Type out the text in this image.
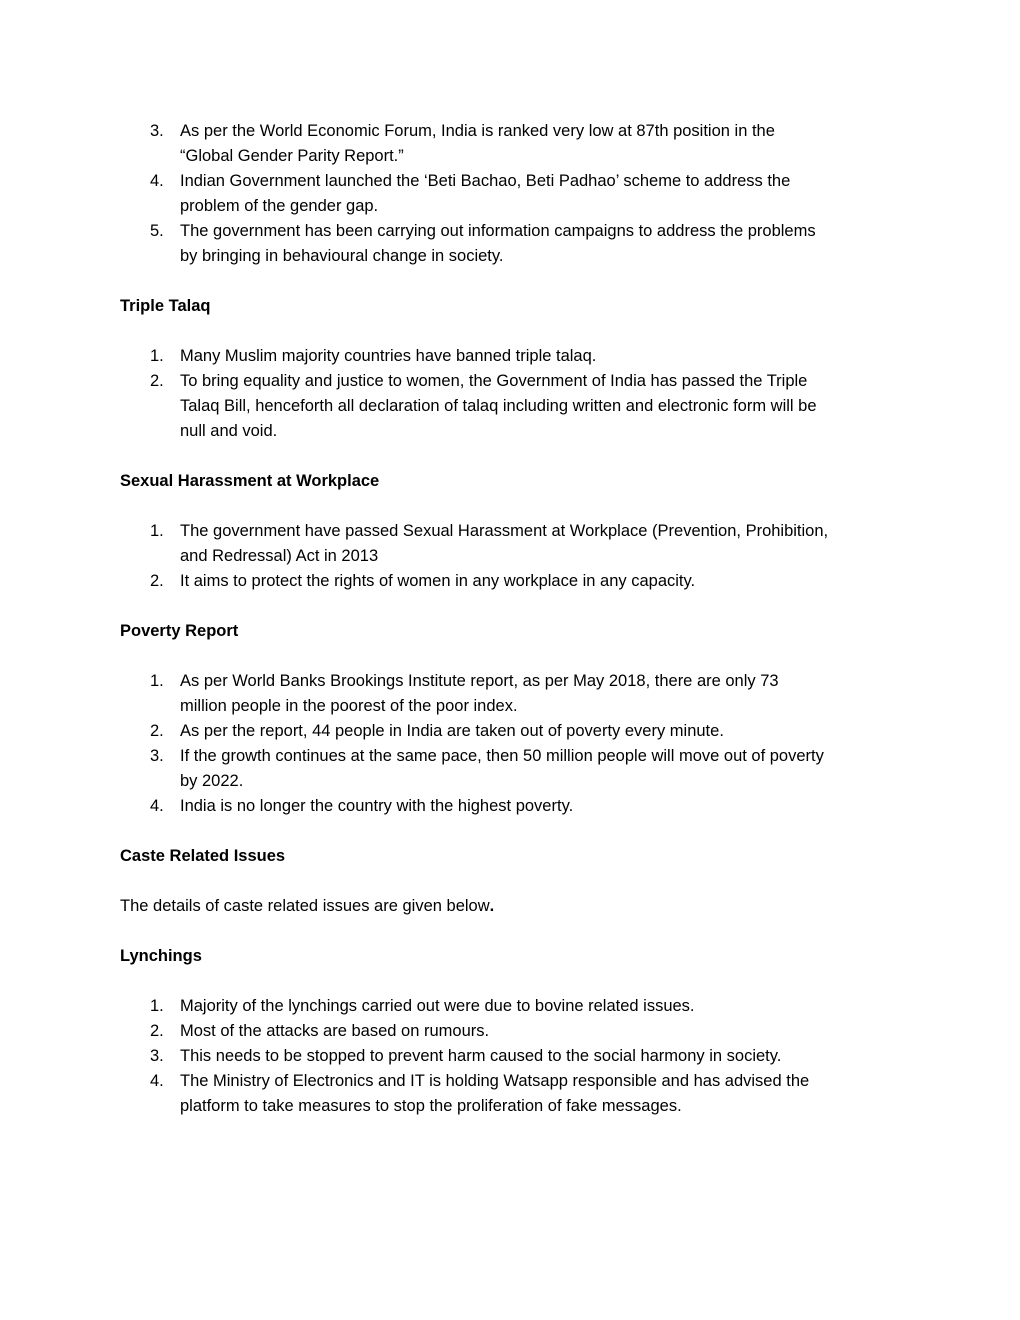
3. As per the World Economic Forum, India is ranked very low at 87th position in the
“Global Gender Parity Report.”
4. Indian Government launched the ‘Beti Bachao, Beti Padhao’ scheme to address the
problem of the gender gap.
5. The government has been carrying out information campaigns to address the problems
by bringing in behavioural change in society.
Triple Talaq
1. Many Muslim majority countries have banned triple talaq.
2. To bring equality and justice to women, the Government of India has passed the Triple
Talaq Bill, henceforth all declaration of talaq including written and electronic form will be
null and void.
Sexual Harassment at Workplace
1. The government have passed Sexual Harassment at Workplace (Prevention, Prohibition,
and Redressal) Act in 2013
2. It aims to protect the rights of women in any workplace in any capacity.
Poverty Report
1. As per World Banks Brookings Institute report, as per May 2018, there are only 73
million people in the poorest of the poor index.
2. As per the report, 44 people in India are taken out of poverty every minute.
3. If the growth continues at the same pace, then 50 million people will move out of poverty
by 2022.
4. India is no longer the country with the highest poverty.
Caste Related Issues
The details of caste related issues are given below.
Lynchings
1. Majority of the lynchings carried out were due to bovine related issues.
2. Most of the attacks are based on rumours.
3. This needs to be stopped to prevent harm caused to the social harmony in society.
4. The Ministry of Electronics and IT is holding Watsapp responsible and has advised the
platform to take measures to stop the proliferation of fake messages.
